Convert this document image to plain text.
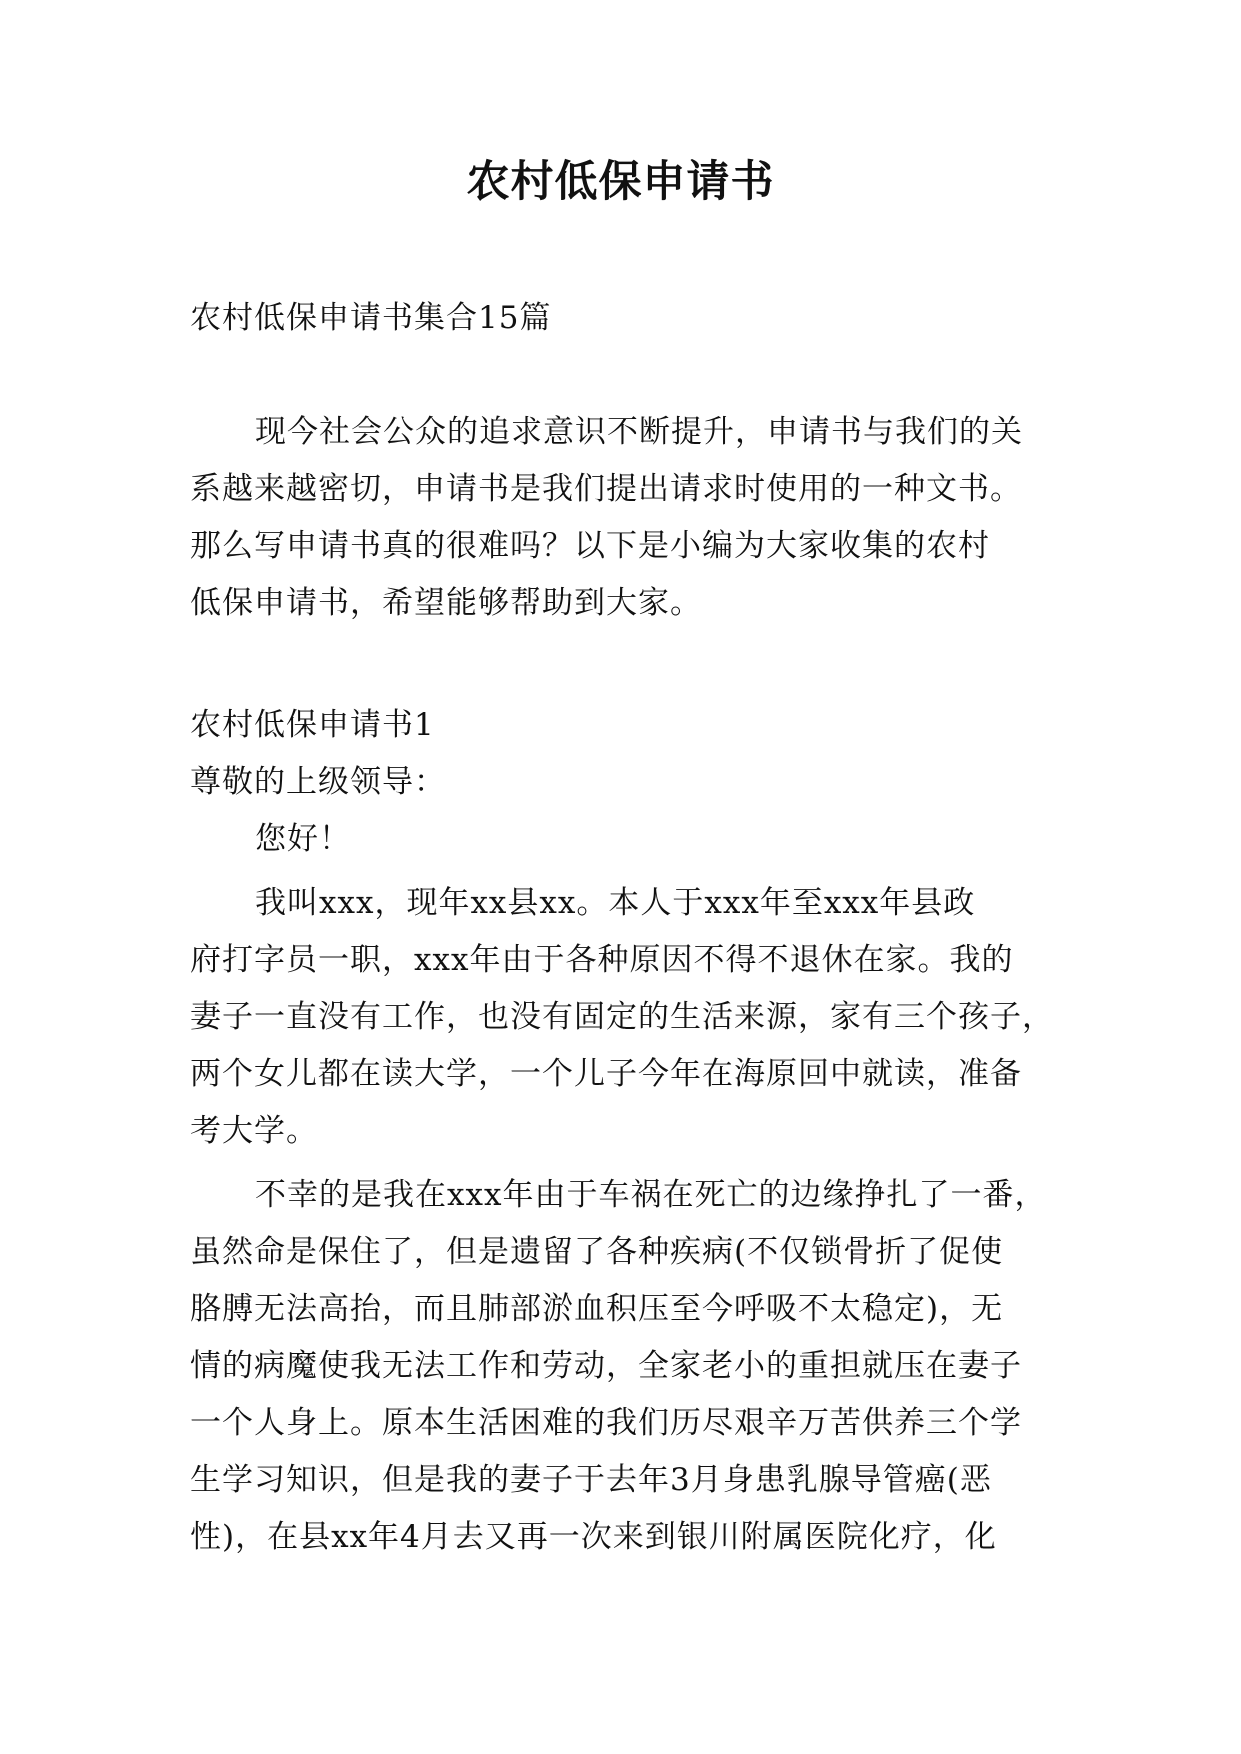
农村低保申请书
农村低保申请书集合15篇
现今社会公众的追求意识不断提升，申请书与我们的关
系越来越密切，申请书是我们提出请求时使用的一种文书。
那么写申请书真的很难吗？以下是小编为大家收集的农村
低保申请书，希望能够帮助到大家。
农村低保申请书1
尊敬的上级领导：
您好！
我叫xxx，现年xx县xx。本人于xxx年至xxx年县政
府打字员一职，xxx年由于各种原因不得不退休在家。我的
妻子一直没有工作，也没有固定的生活来源，家有三个孩子，
两个女儿都在读大学，一个儿子今年在海原回中就读，准备
考大学。
不幸的是我在xxx年由于车祸在死亡的边缘挣扎了一番，
虽然命是保住了，但是遗留了各种疾病(不仅锁骨折了促使
胳膊无法高抬，而且肺部淤血积压至今呼吸不太稳定)，无
情的病魔使我无法工作和劳动，全家老小的重担就压在妻子
一个人身上。原本生活困难的我们历尽艰辛万苦供养三个学
生学习知识，但是我的妻子于去年3月身患乳腺导管癌(恶
性)，在县xx年4月去又再一次来到银川附属医院化疗，化
